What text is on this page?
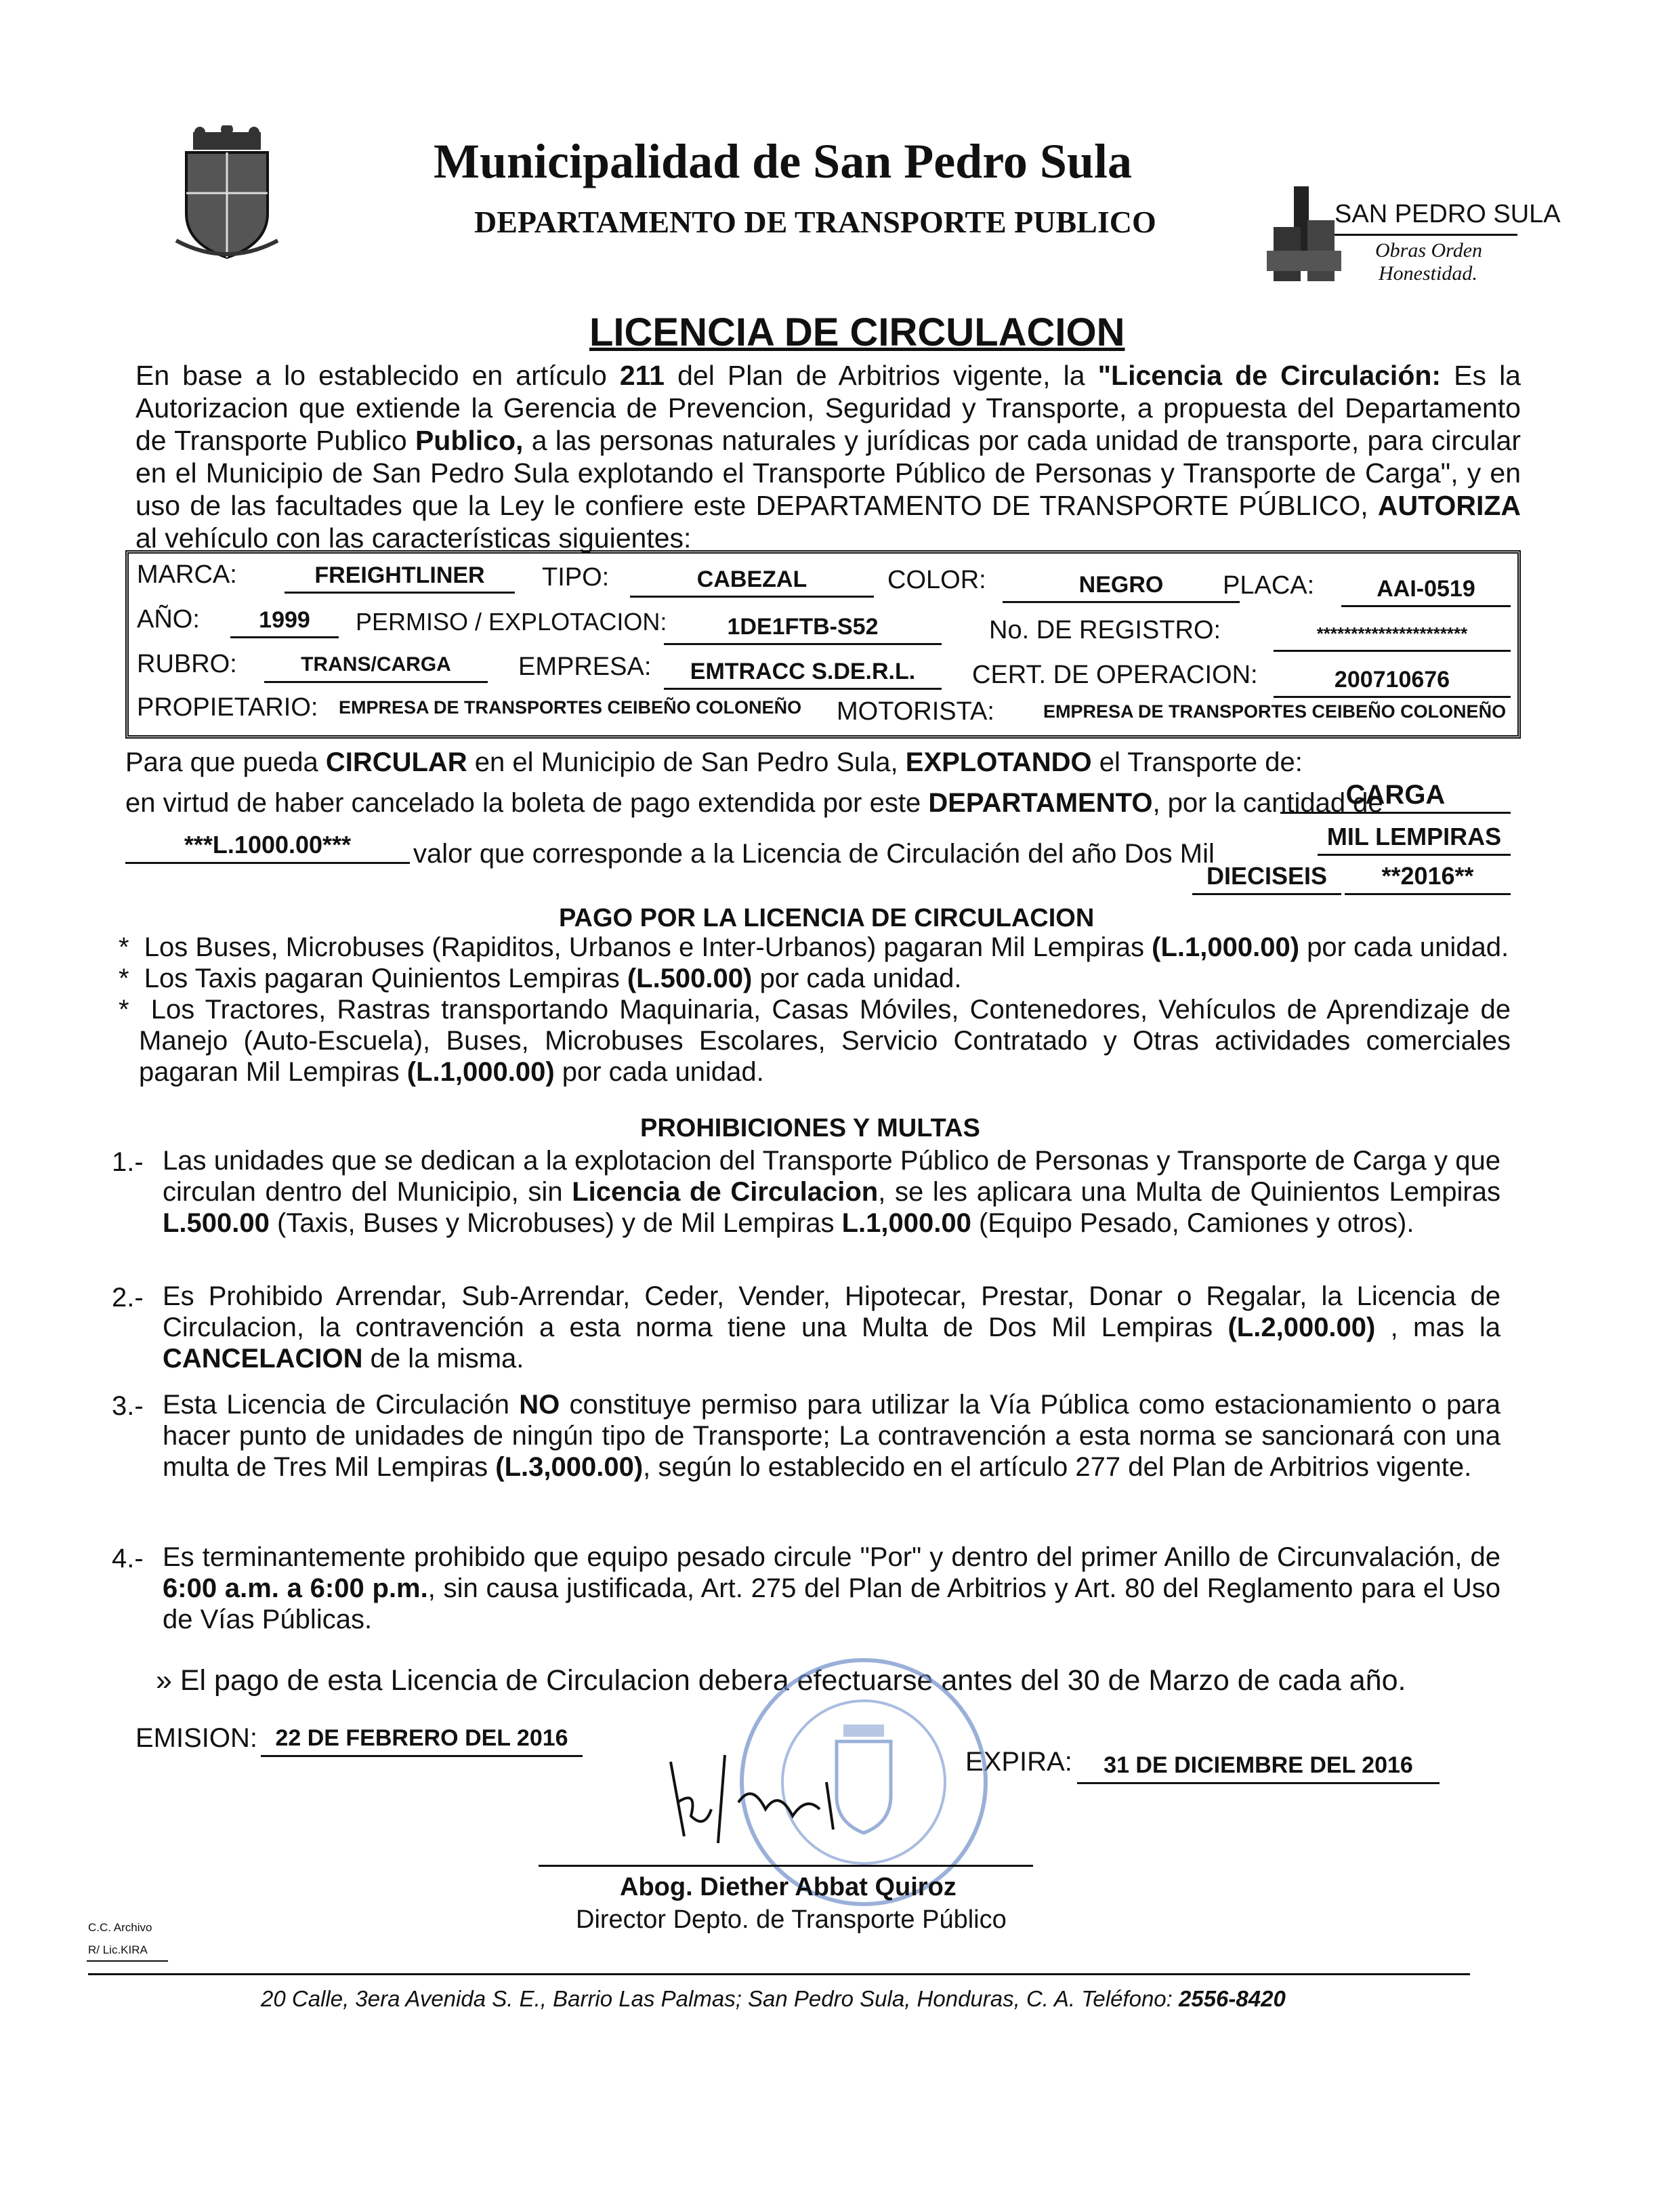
Municipalidad de San Pedro Sula
DEPARTAMENTO DE TRANSPORTE PUBLICO	SAN PEDRO SULA
Obras Orden
Honestidad.
LICENCIA DE CIRCULACION
En base a lo establecido en artículo 211 del Plan de Arbitrios vigente, la "Licencia de Circulación: Es la Autorizacion que extiende la Gerencia de Prevencion, Seguridad y Transporte, a propuesta del Departamento de Transporte Publico Publico, a las personas naturales y jurídicas por cada unidad de transporte, para circular en el Municipio de San Pedro Sula explotando el Transporte Público de Personas y Transporte de Carga", y en uso de las facultades que la Ley le confiere este DEPARTAMENTO DE TRANSPORTE PÚBLICO, AUTORIZA al vehículo con las características siguientes:
MARCA:	FREIGHTLINER	TIPO:	CABEZAL	COLOR:	NEGRO	PLACA:	AAI-0519
AÑO:	1999	PERMISO / EXPLOTACION:	1DE1FTB-S52	No. DE REGISTRO:	**********************
RUBRO:	TRANS/CARGA	EMPRESA:	EMTRACC S.DE.R.L.	CERT. DE OPERACION:	200710676
PROPIETARIO: EMPRESA DE TRANSPORTES CEIBEÑO COLONEÑO MOTORISTA:	EMPRESA DE TRANSPORTES CEIBEÑO COLONEÑO
Para que pueda CIRCULAR en el Municipio de San Pedro Sula, EXPLOTANDO el Transporte de:
CARGA
en virtud de haber cancelado la boleta de pago extendida por este DEPARTAMENTO, por la cantidad de
MIL LEMPIRAS
***L.1000.00***	valor que corresponde a la Licencia de Circulación del año Dos Mil
DIECISEIS	**2016**
PAGO POR LA LICENCIA DE CIRCULACION
*  Los Buses, Microbuses (Rapiditos, Urbanos e Inter-Urbanos) pagaran Mil Lempiras (L.1,000.00) por cada unidad.
*  Los Taxis pagaran Quinientos Lempiras (L.500.00) por cada unidad.
*  Los Tractores, Rastras transportando Maquinaria, Casas Móviles, Contenedores, Vehículos de Aprendizaje de Manejo (Auto-Escuela), Buses, Microbuses Escolares, Servicio Contratado y Otras actividades comerciales pagaran Mil Lempiras (L.1,000.00) por cada unidad.
PROHIBICIONES Y MULTAS
1.- Las unidades que se dedican a la explotacion del Transporte Público de Personas y Transporte de Carga y que circulan dentro del Municipio, sin Licencia de Circulacion, se les aplicara una Multa de Quinientos Lempiras L.500.00 (Taxis, Buses y Microbuses) y de Mil Lempiras L.1,000.00 (Equipo Pesado, Camiones y otros).
2.- Es Prohibido Arrendar, Sub-Arrendar, Ceder, Vender, Hipotecar, Prestar, Donar o Regalar, la Licencia de Circulacion, la contravención a esta norma tiene una Multa de Dos Mil Lempiras (L.2,000.00) , mas la CANCELACION de la misma.
3.- Esta Licencia de Circulación NO constituye permiso para utilizar la Vía Pública como estacionamiento o para hacer punto de unidades de ningún tipo de Transporte; La contravención a esta norma se sancionará con una multa de Tres Mil Lempiras (L.3,000.00), según lo establecido en el artículo 277 del Plan de Arbitrios vigente.
4.- Es terminantemente prohibido que equipo pesado circule "Por" y dentro del primer Anillo de Circunvalación, de 6:00 a.m. a 6:00 p.m., sin causa justificada, Art. 275 del Plan de Arbitrios y Art. 80 del Reglamento para el Uso de Vías Públicas.
» El pago de esta Licencia de Circulacion debera efectuarse antes del 30 de Marzo de cada año.
EMISION: 22 DE FEBRERO DEL 2016
EXPIRA:	31 DE DICIEMBRE DEL 2016
Abog. Diether Abbat Quiroz
Director Depto. de Transporte Público
C.C. Archivo
R/ Lic.KIRA
20 Calle, 3era Avenida S. E., Barrio Las Palmas; San Pedro Sula, Honduras, C. A. Teléfono: 2556-8420
